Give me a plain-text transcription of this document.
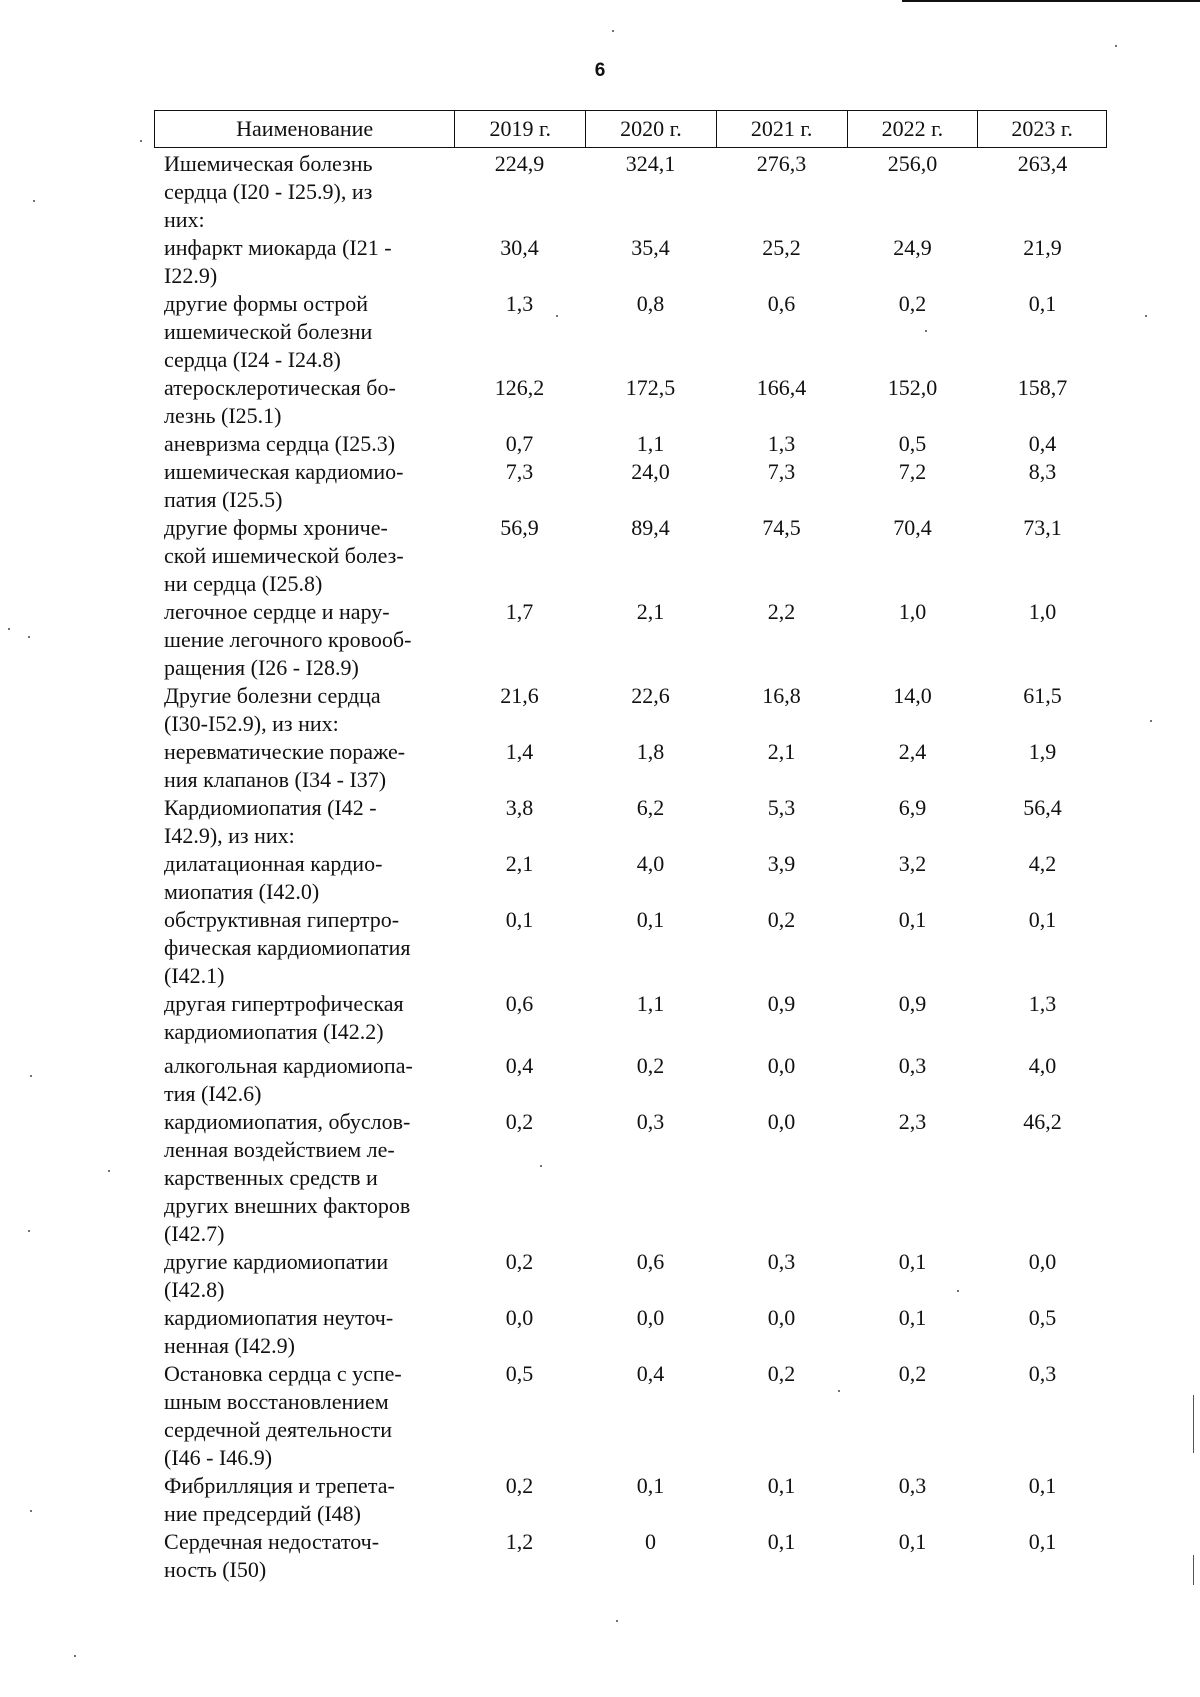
6
Наименование	2019 г.	2020 г.	2021 г.	2022 г.	2023 г.
Ишемическая болезнь
сердца (I20 - I25.9), из
них:
224,9	324,1	276,3	256,0	263,4
инфаркт миокарда (I21 -
I22.9)
30,4	35,4	25,2	24,9	21,9
другие формы острой
ишемической болезни
сердца (I24 - I24.8)
1,3	0,8	0,6	0,2	0,1
атеросклеротическая бо-
лезнь (I25.1)
126,2	172,5	166,4	152,0	158,7
аневризма сердца (I25.3)	0,7	1,1	1,3	0,5	0,4
ишемическая кардиомио-
патия (I25.5)
7,3	24,0	7,3	7,2	8,3
другие формы хрониче-
ской ишемической болез-
ни сердца (I25.8)
56,9	89,4	74,5	70,4	73,1
легочное сердце и нару-
шение легочного кровооб-
ращения (I26 - I28.9)
1,7	2,1	2,2	1,0	1,0
Другие болезни сердца
(I30-I52.9), из них:
21,6	22,6	16,8	14,0	61,5
неревматические пораже-
ния клапанов (I34 - I37)
1,4	1,8	2,1	2,4	1,9
Кардиомиопатия (I42 -
I42.9), из них:
3,8	6,2	5,3	6,9	56,4
дилатационная кардио-
миопатия (I42.0)
2,1	4,0	3,9	3,2	4,2
обструктивная гипертро-
фическая кардиомиопатия
(I42.1)
0,1	0,1	0,2	0,1	0,1
другая гипертрофическая
кардиомиопатия (I42.2)
0,6	1,1	0,9	0,9	1,3
алкогольная кардиомиопа-
тия (I42.6)
0,4	0,2	0,0	0,3	4,0
кардиомиопатия, обуслов-
ленная воздействием ле-
карственных средств и
других внешних факторов
(I42.7)
0,2	0,3	0,0	2,3	46,2
другие кардиомиопатии
(I42.8)
0,2	0,6	0,3	0,1	0,0
кардиомиопатия неуточ-
ненная (I42.9)
0,0	0,0	0,0	0,1	0,5
Остановка сердца с успе-
шным восстановлением
сердечной деятельности
(I46 - I46.9)
0,5	0,4	0,2	0,2	0,3
Фибрилляция и трепета-
ние предсердий (I48)
0,2	0,1	0,1	0,3	0,1
Сердечная недостаточ-
ность (I50)
1,2	0	0,1	0,1	0,1
